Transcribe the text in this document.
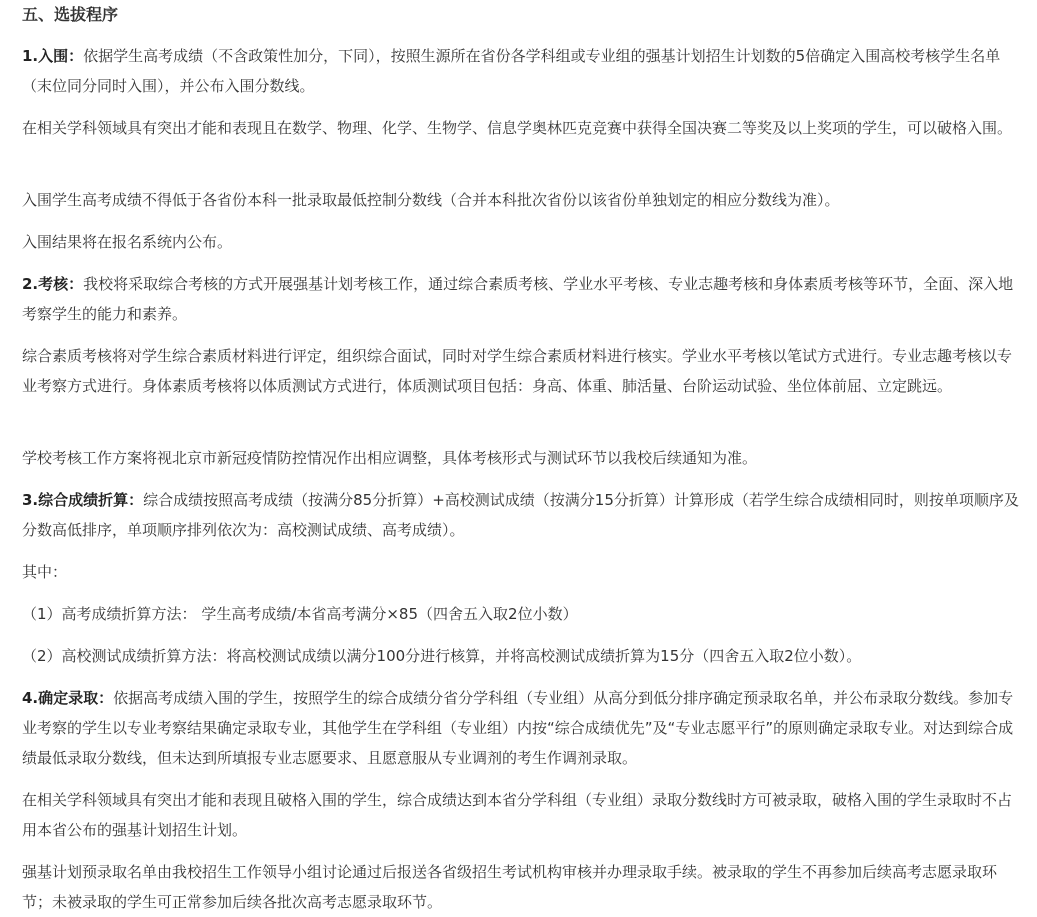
五、选拔程序

1.入围：依据学生高考成绩（不含政策性加分，下同），按照生源所在省份各学科组或专业组的强基计划招生计划数的5倍确定入围高校考核学生名单（末位同分同时入围），并公布入围分数线。

在相关学科领域具有突出才能和表现且在数学、物理、化学、生物学、信息学奥林匹克竞赛中获得全国决赛二等奖及以上奖项的学生，可以破格入围。

入围学生高考成绩不得低于各省份本科一批录取最低控制分数线（合并本科批次省份以该省份单独划定的相应分数线为准）。

入围结果将在报名系统内公布。

2.考核：我校将采取综合考核的方式开展强基计划考核工作，通过综合素质考核、学业水平考核、专业志趣考核和身体素质考核等环节，全面、深入地考察学生的能力和素养。

综合素质考核将对学生综合素质材料进行评定，组织综合面试，同时对学生综合素质材料进行核实。学业水平考核以笔试方式进行。专业志趣考核以专业考察方式进行。身体素质考核将以体质测试方式进行，体质测试项目包括：身高、体重、肺活量、台阶运动试验、坐位体前屈、立定跳远。

学校考核工作方案将视北京市新冠疫情防控情况作出相应调整，具体考核形式与测试环节以我校后续通知为准。

3.综合成绩折算：综合成绩按照高考成绩（按满分85分折算）+高校测试成绩（按满分15分折算）计算形成（若学生综合成绩相同时，则按单项顺序及分数高低排序，单项顺序排列依次为：高校测试成绩、高考成绩）。

其中：

（1）高考成绩折算方法： 学生高考成绩/本省高考满分×85（四舍五入取2位小数）

（2）高校测试成绩折算方法：将高校测试成绩以满分100分进行核算，并将高校测试成绩折算为15分（四舍五入取2位小数）。

4.确定录取：依据高考成绩入围的学生，按照学生的综合成绩分省分学科组（专业组）从高分到低分排序确定预录取名单，并公布录取分数线。参加专业考察的学生以专业考察结果确定录取专业，其他学生在学科组（专业组）内按“综合成绩优先”及“专业志愿平行”的原则确定录取专业。对达到综合成绩最低录取分数线，但未达到所填报专业志愿要求、且愿意服从专业调剂的考生作调剂录取。

在相关学科领域具有突出才能和表现且破格入围的学生，综合成绩达到本省分学科组（专业组）录取分数线时方可被录取，破格入围的学生录取时不占用本省公布的强基计划招生计划。

强基计划预录取名单由我校招生工作领导小组讨论通过后报送各省级招生考试机构审核并办理录取手续。被录取的学生不再参加后续高考志愿录取环节；未被录取的学生可正常参加后续各批次高考志愿录取环节。
